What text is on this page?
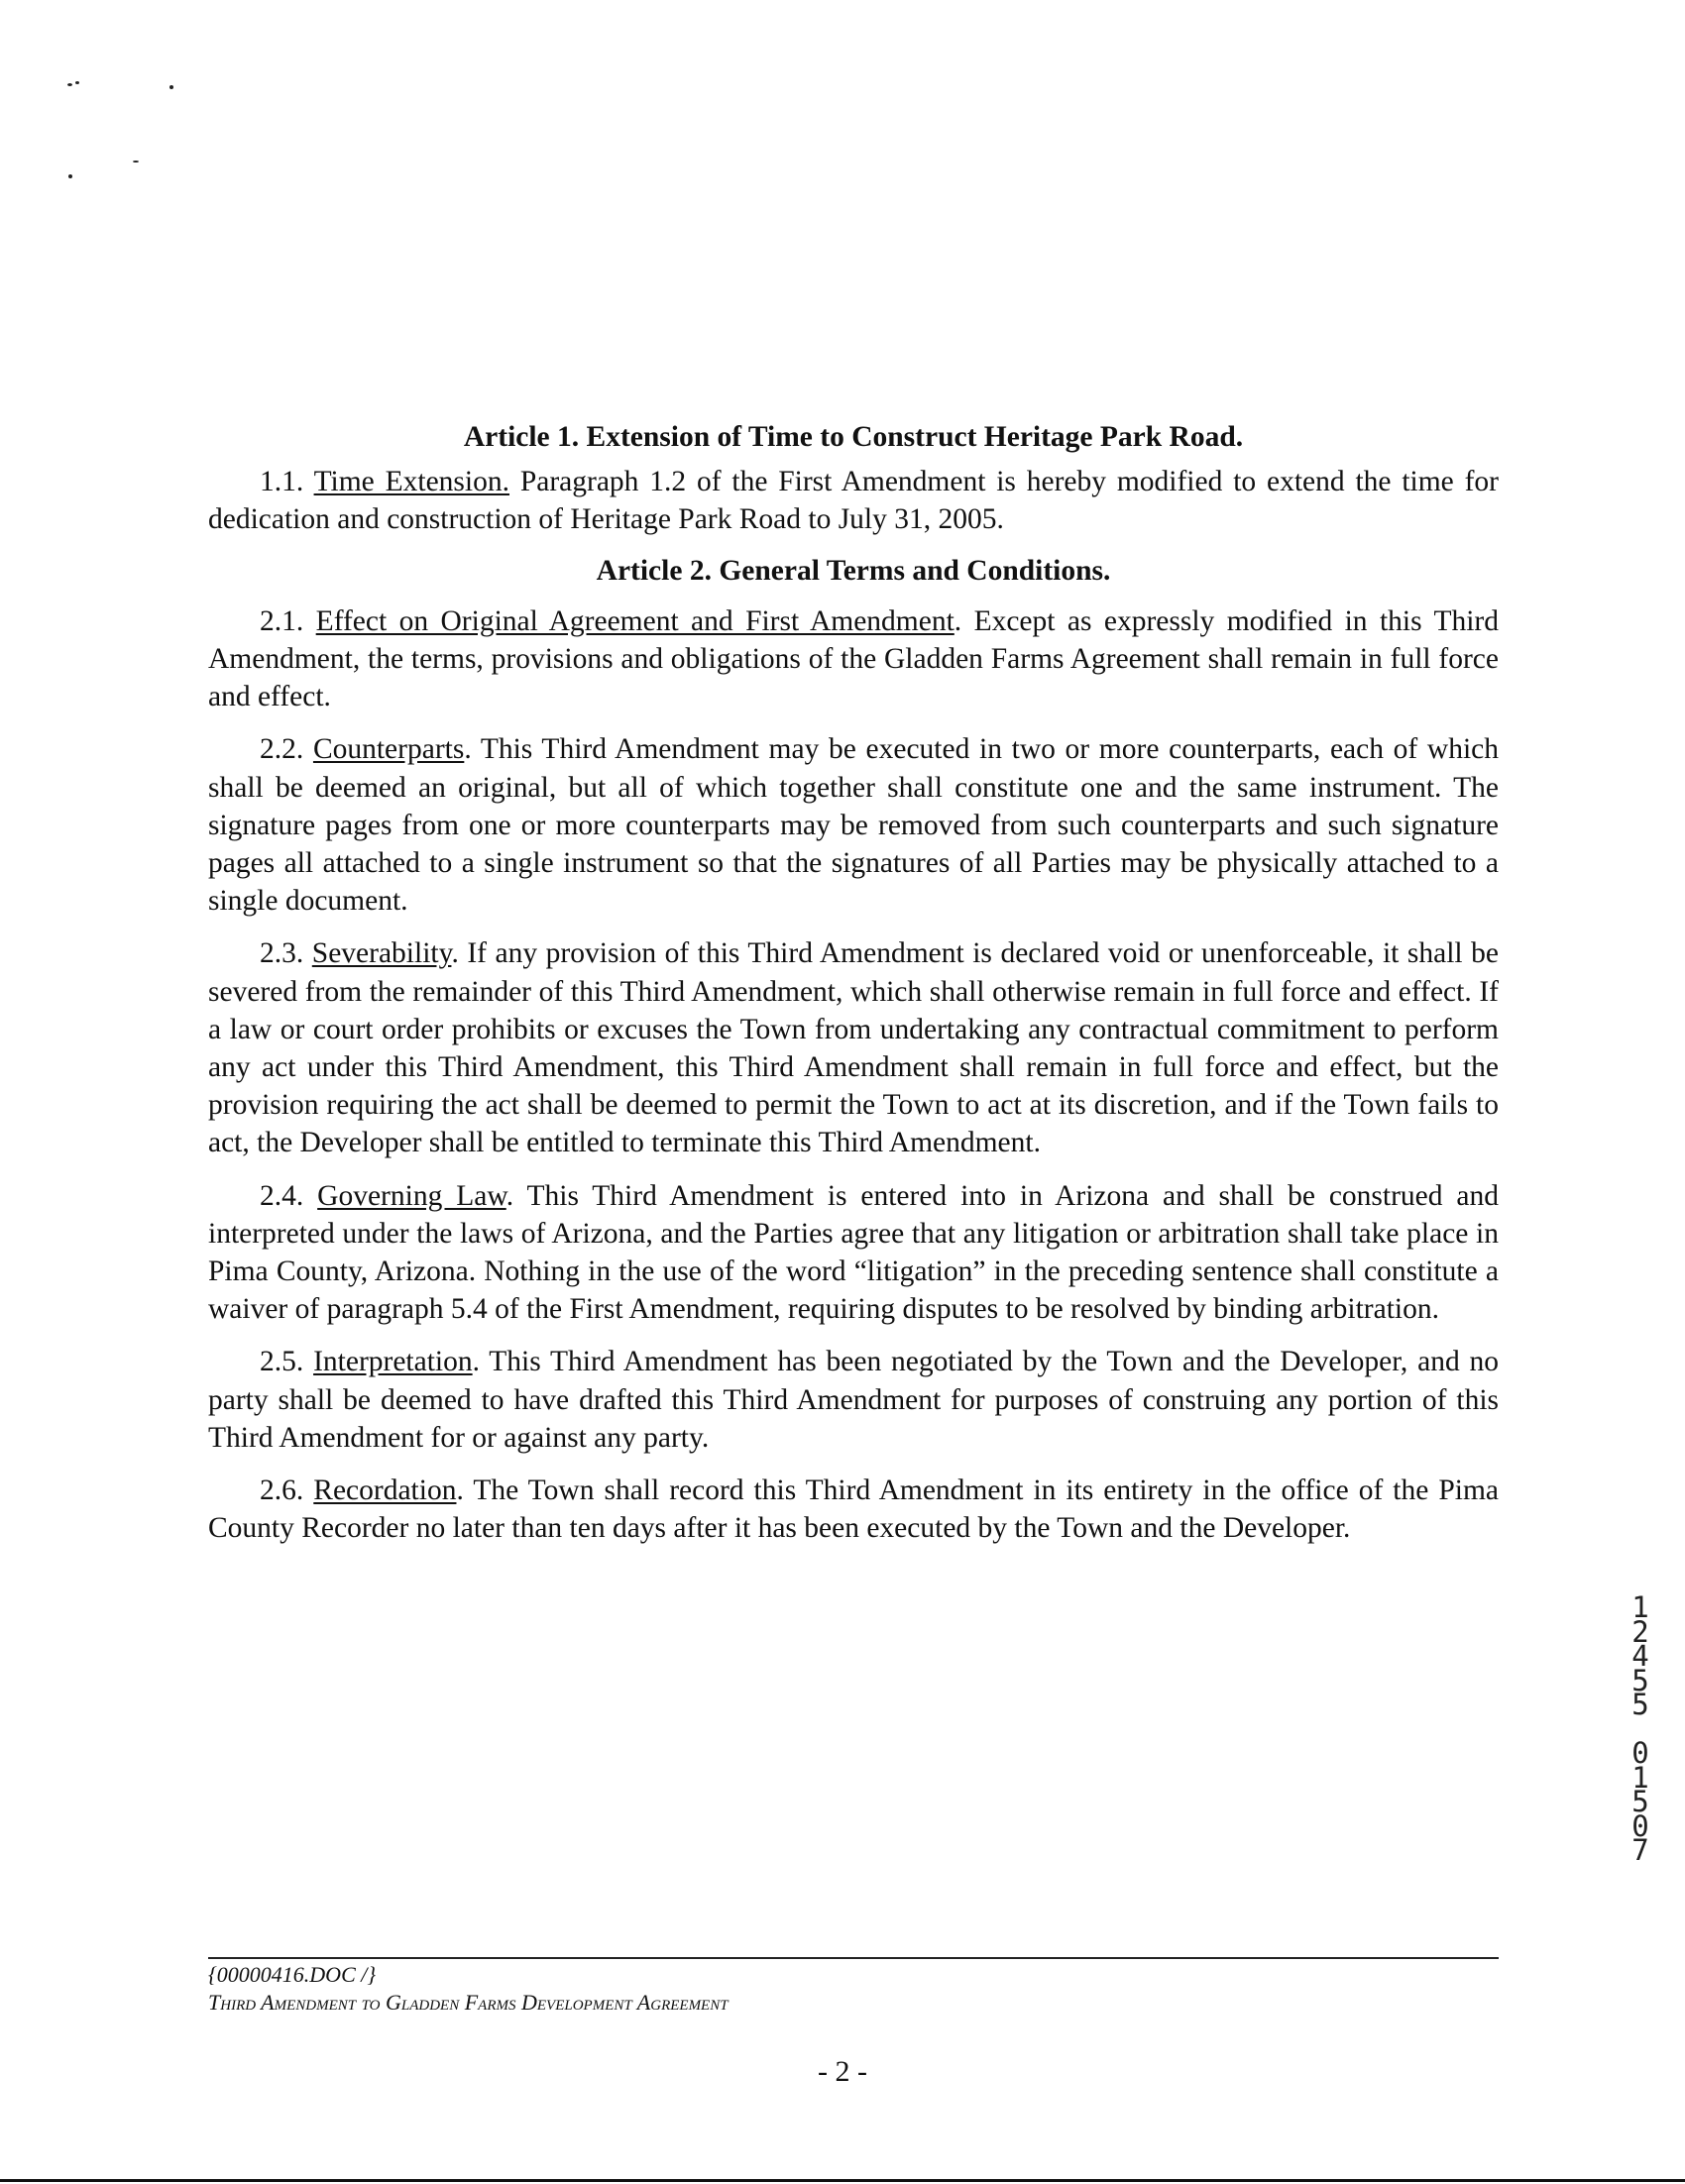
Article 1. Extension of Time to Construct Heritage Park Road.

1.1. Time Extension. Paragraph 1.2 of the First Amendment is hereby modified to extend the time for dedication and construction of Heritage Park Road to July 31, 2005.

Article 2. General Terms and Conditions.

2.1. Effect on Original Agreement and First Amendment. Except as expressly modified in this Third Amendment, the terms, provisions and obligations of the Gladden Farms Agreement shall remain in full force and effect.

2.2. Counterparts. This Third Amendment may be executed in two or more counterparts, each of which shall be deemed an original, but all of which together shall constitute one and the same instrument. The signature pages from one or more counterparts may be removed from such counterparts and such signature pages all attached to a single instrument so that the signatures of all Parties may be physically attached to a single document.

2.3. Severability. If any provision of this Third Amendment is declared void or unenforceable, it shall be severed from the remainder of this Third Amendment, which shall otherwise remain in full force and effect. If a law or court order prohibits or excuses the Town from undertaking any contractual commitment to perform any act under this Third Amendment, this Third Amendment shall remain in full force and effect, but the provision requiring the act shall be deemed to permit the Town to act at its discretion, and if the Town fails to act, the Developer shall be entitled to terminate this Third Amendment.

2.4. Governing Law. This Third Amendment is entered into in Arizona and shall be construed and interpreted under the laws of Arizona, and the Parties agree that any litigation or arbitration shall take place in Pima County, Arizona. Nothing in the use of the word “litigation” in the preceding sentence shall constitute a waiver of paragraph 5.4 of the First Amendment, requiring disputes to be resolved by binding arbitration.

2.5. Interpretation. This Third Amendment has been negotiated by the Town and the Developer, and no party shall be deemed to have drafted this Third Amendment for purposes of construing any portion of this Third Amendment for or against any party.

2.6. Recordation. The Town shall record this Third Amendment in its entirety in the office of the Pima County Recorder no later than ten days after it has been executed by the Town and the Developer.

1
2
4
5
5
0
1
5
0
7
{00000416.DOC /}
Third Amendment to Gladden Farms Development Agreement
- 2 -
